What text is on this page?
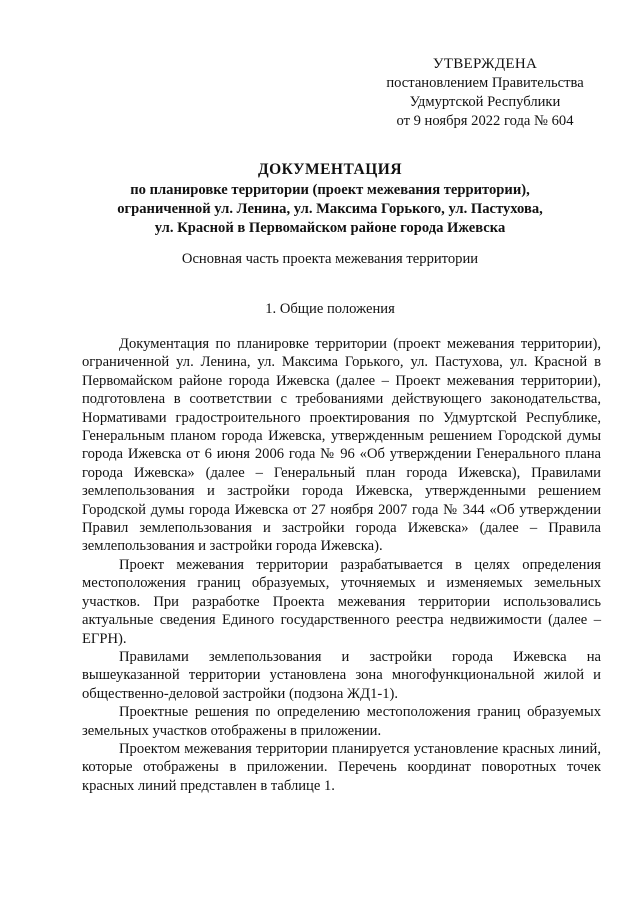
УТВЕРЖДЕНА
постановлением Правительства
Удмуртской Республики
от 9 ноября 2022 года № 604
ДОКУМЕНТАЦИЯ
по планировке территории (проект межевания территории),
ограниченной ул. Ленина, ул. Максима Горького, ул. Пастухова,
ул. Красной в Первомайском районе города Ижевска
Основная часть проекта межевания территории
1. Общие положения

Документация по планировке территории (проект межевания территории), ограниченной ул. Ленина, ул. Максима Горького, ул. Пастухова, ул. Красной в Первомайском районе города Ижевска (далее – Проект межевания территории), подготовлена в соответствии с требованиями действующего законодательства, Нормативами градостроительного проектирования по Удмуртской Республике, Генеральным планом города Ижевска, утвержденным решением Городской думы города Ижевска от 6 июня 2006 года № 96 «Об утверждении Генерального плана города Ижевска» (далее – Генеральный план города Ижевска), Правилами землепользования и застройки города Ижевска, утвержденными решением Городской думы города Ижевска от 27 ноября 2007 года № 344 «Об утверждении Правил землепользования и застройки города Ижевска» (далее – Правила землепользования и застройки города Ижевска).

Проект межевания территории разрабатывается в целях определения местоположения границ образуемых, уточняемых и изменяемых земельных участков. При разработке Проекта межевания территории использовались актуальные сведения Единого государственного реестра недвижимости (далее – ЕГРН).

Правилами землепользования и застройки города Ижевска на вышеуказанной территории установлена зона многофункциональной жилой и общественно-деловой застройки (подзона ЖД1-1).

Проектные решения по определению местоположения границ образуемых земельных участков отображены в приложении.

Проектом межевания территории планируется установление красных линий, которые отображены в приложении. Перечень координат поворотных точек красных линий представлен в таблице 1.
